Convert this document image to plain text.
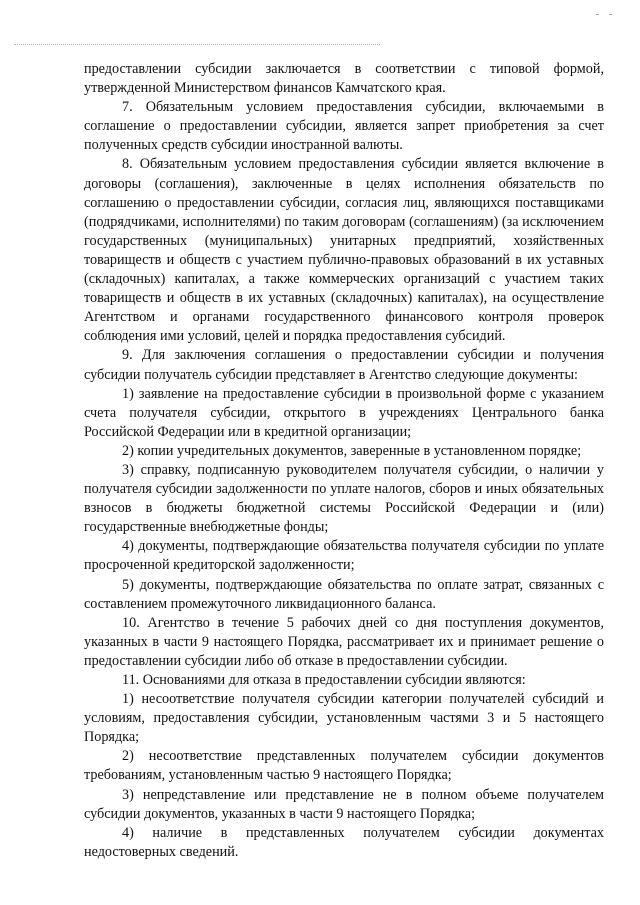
предоставлении субсидии заключается в соответствии с типовой формой, утвержденной Министерством финансов Камчатского края.

7. Обязательным условием предоставления субсидии, включаемыми в соглашение о предоставлении субсидии, является запрет приобретения за счет полученных средств субсидии иностранной валюты.

8. Обязательным условием предоставления субсидии является включение в договоры (соглашения), заключенные в целях исполнения обязательств по соглашению о предоставлении субсидии, согласия лиц, являющихся поставщиками (подрядчиками, исполнителями) по таким договорам (соглашениям) (за исключением государственных (муниципальных) унитарных предприятий, хозяйственных товариществ и обществ с участием публично-правовых образований в их уставных (складочных) капиталах, а также коммерческих организаций с участием таких товариществ и обществ в их уставных (складочных) капиталах), на осуществление Агентством и органами государственного финансового контроля проверок соблюдения ими условий, целей и порядка предоставления субсидий.

9. Для заключения соглашения о предоставлении субсидии и получения субсидии получатель субсидии представляет в Агентство следующие документы:

1) заявление на предоставление субсидии в произвольной форме с указанием счета получателя субсидии, открытого в учреждениях Центрального банка Российской Федерации или в кредитной организации;

2) копии учредительных документов, заверенные в установленном порядке;

3) справку, подписанную руководителем получателя субсидии, о наличии у получателя субсидии задолженности по уплате налогов, сборов и иных обязательных взносов в бюджеты бюджетной системы Российской Федерации и (или) государственные внебюджетные фонды;

4) документы, подтверждающие обязательства получателя субсидии по уплате просроченной кредиторской задолженности;

5) документы, подтверждающие обязательства по оплате затрат, связанных с составлением промежуточного ликвидационного баланса.

10. Агентство в течение 5 рабочих дней со дня поступления документов, указанных в части 9 настоящего Порядка, рассматривает их и принимает решение о предоставлении субсидии либо об отказе в предоставлении субсидии.

11. Основаниями для отказа в предоставлении субсидии являются:

1) несоответствие получателя субсидии категории получателей субсидий и условиям, предоставления субсидии, установленным частями 3 и 5 настоящего Порядка;

2) несоответствие представленных получателем субсидии документов требованиям, установленным частью 9 настоящего Порядка;

3) непредставление или представление не в полном объеме получателем субсидии документов, указанных в части 9 настоящего Порядка;

4) наличие в представленных получателем субсидии документах недостоверных сведений.
